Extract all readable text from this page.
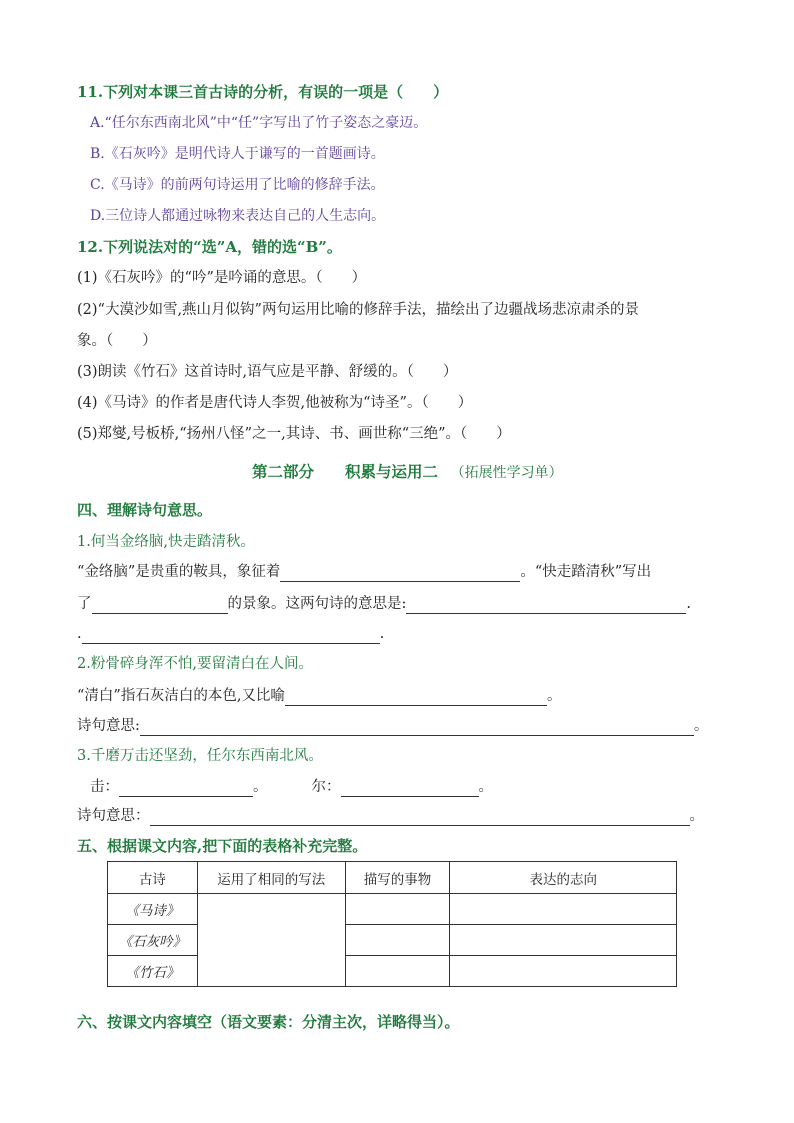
11.下列对本课三首古诗的分析，有误的一项是（　　）
A.“任尔东西南北风”中“任”字写出了竹子姿态之豪迈。
B.《石灰吟》是明代诗人于谦写的一首题画诗。
C.《马诗》的前两句诗运用了比喻的修辞手法。
D.三位诗人都通过咏物来表达自己的人生志向。
12.下列说法对的“选”A，错的选“B”。
(1)《石灰吟》的“吟”是吟诵的意思。（　　）
(2)“大漠沙如雪,燕山月似钩”两句运用比喻的修辞手法，描绘出了边疆战场悲凉肃杀的景
象。（　　）
(3)朗读《竹石》这首诗时,语气应是平静、舒缓的。（　　）
(4)《马诗》的作者是唐代诗人李贺,他被称为“诗圣”。（　　）
(5)郑燮,号板桥,“扬州八怪”之一,其诗、书、画世称“三绝”。（　　）
第二部分　　积累与运用二 （拓展性学习单）
四、理解诗句意思。
1.何当金络脑,快走踏清秋。
“金络脑”是贵重的鞍具，象征着	。“快走踏清秋”写出
了	的景象。这两句诗的意思是:	.
.	.
2.粉骨碎身浑不怕,要留清白在人间。
“清白”指石灰洁白的本色,又比喻	。
诗句意思:	。
3.千磨万击还坚劲，任尔东西南北风。
击：	。	尔：	。
诗句意思：	。
五、根据课文内容,把下面的表格补充完整。
古诗	运用了相同的写法	描写的事物	表达的志向
《马诗》			
《石灰吟》			
《竹石》			
六、按课文内容填空（语文要素：分清主次，详略得当）。
